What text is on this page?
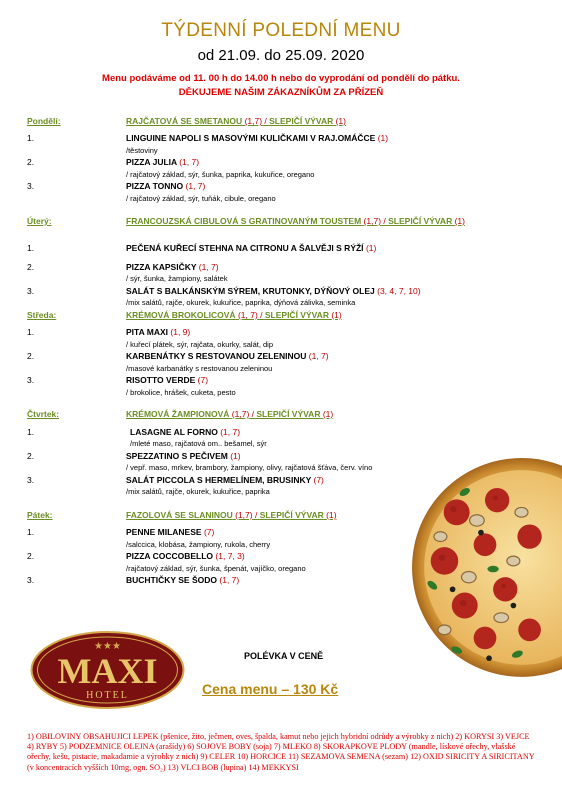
TÝDENNÍ POLEDNÍ MENU
od 21.09. do 25.09. 2020
Menu podáváme od 11. 00 h do 14.00 h nebo do vyprodání od pondělí do pátku.
DĚKUJEME NAŠIM ZÁKAZNÍKŮM ZA PŘÍZEŇ
Pondělí:	RAJČATOVÁ SE SMETANOU (1,7) / SLEPIČÍ VÝVAR (1)
1.	LINGUINE NAPOLI S MASOVÝMI KULIČKAMI V RAJ.OMÁČCE (1)
/těstoviny
2.	PIZZA JULIA (1, 7)
/ rajčatový základ, sýr, šunka, paprika, kukuřice, oregano
3.	PIZZA TONNO (1, 7)
/ rajčatový základ, sýr, tuňák, cibule, oregano
Úterý:	FRANCOUZSKÁ CIBULOVÁ S GRATINOVANÝM TOUSTEM (1,7) / SLEPIČÍ VÝVAR (1)
1.	PEČENÁ KUŘECÍ STEHNA NA CITRONU A ŠALVĚJI S RÝŽÍ (1)
2.	PIZZA KAPSIČKY (1, 7)
/ sýr, šunka, žampiony, salátek
3.	SALÁT S BALKÁNSKÝM SÝREM, KRUTONKY, DÝŇOVÝ OLEJ (3, 4, 7, 10)
/mix salátů, rajče, okurek, kukuřice, paprika, dýňová zálivka, seminka
Středa:	KRÉMOVÁ BROKOLICOVÁ (1, 7) / SLEPIČÍ VÝVAR (1)
1.	PITA MAXI (1, 9)
/ kuřecí plátek, sýr, rajčata, okurky, salát, dip
2.	KARBENÁTKY S RESTOVANOU ZELENINOU (1, 7)
/masové karbanátky s restovanou zeleninou
3.	RISOTTO VERDE (7)
/ brokolice, hrášek, cuketa, pesto
Čtvrtek:	KRÉMOVÁ ŽAMPIONOVÁ (1,7) / SLEPIČÍ VÝVAR (1)
1.	LASAGNE AL FORNO (1, 7)
/mleté maso, rajčatová om.. bešamel, sýr
2.	SPEZZATINO S PEČIVEM (1)
/ vepř. maso, mrkev, brambory, žampiony, olivy, rajčatová šťáva, červ. víno
3.	SALÁT PICCOLA S HERMELÍNEM, BRUSINKY (7)
/mix salátů, rajče, okurek, kukuřice, paprika
Pátek:	FAZOLOVÁ SE SLANINOU (1,7) / SLEPIČÍ VÝVAR (1)
1.	PENNE MILANESE (7)
/salccica, klobása, žampiony, rukola, cherry
2.	PIZZA COCCOBELLO (1, 7, 3)
/rajčatový základ, sýr, šunka, špenát, vajíčko, oregano
3.	BUCHTIČKY SE ŠODO (1, 7)
★★★
MAXI
HOTEL
POLÉVKA V CENĚ
Cena menu – 130 Kč
1) OBILOVINY OBSAHUJICI LEPEK (pšenice, žito, ječmen, oves, špalda, kamut nebo jejich hybridní odrůdy a výrobky z nich) 2) KORYSI 3) VEJCE 4) RYBY 5) PODZEMNICE OLEJNA (arašídy) 6) SOJOVE BOBY (soja) 7) MLEKO 8) SKORAPKOVE PLODY (mandle, lískové ořechy, vlašské ořechy, kešu, pistacie, makadamie a výrobky z nich) 9) CELER 10) HORCICE 11) SEZAMOVA SEMENA (sezam) 12) OXID SIRICITY A SIRICITANY (v koncentracích vyšších 10mg, ogn. SO₂) 13) VLCI BOB (lupina) 14) MEKKYSI
